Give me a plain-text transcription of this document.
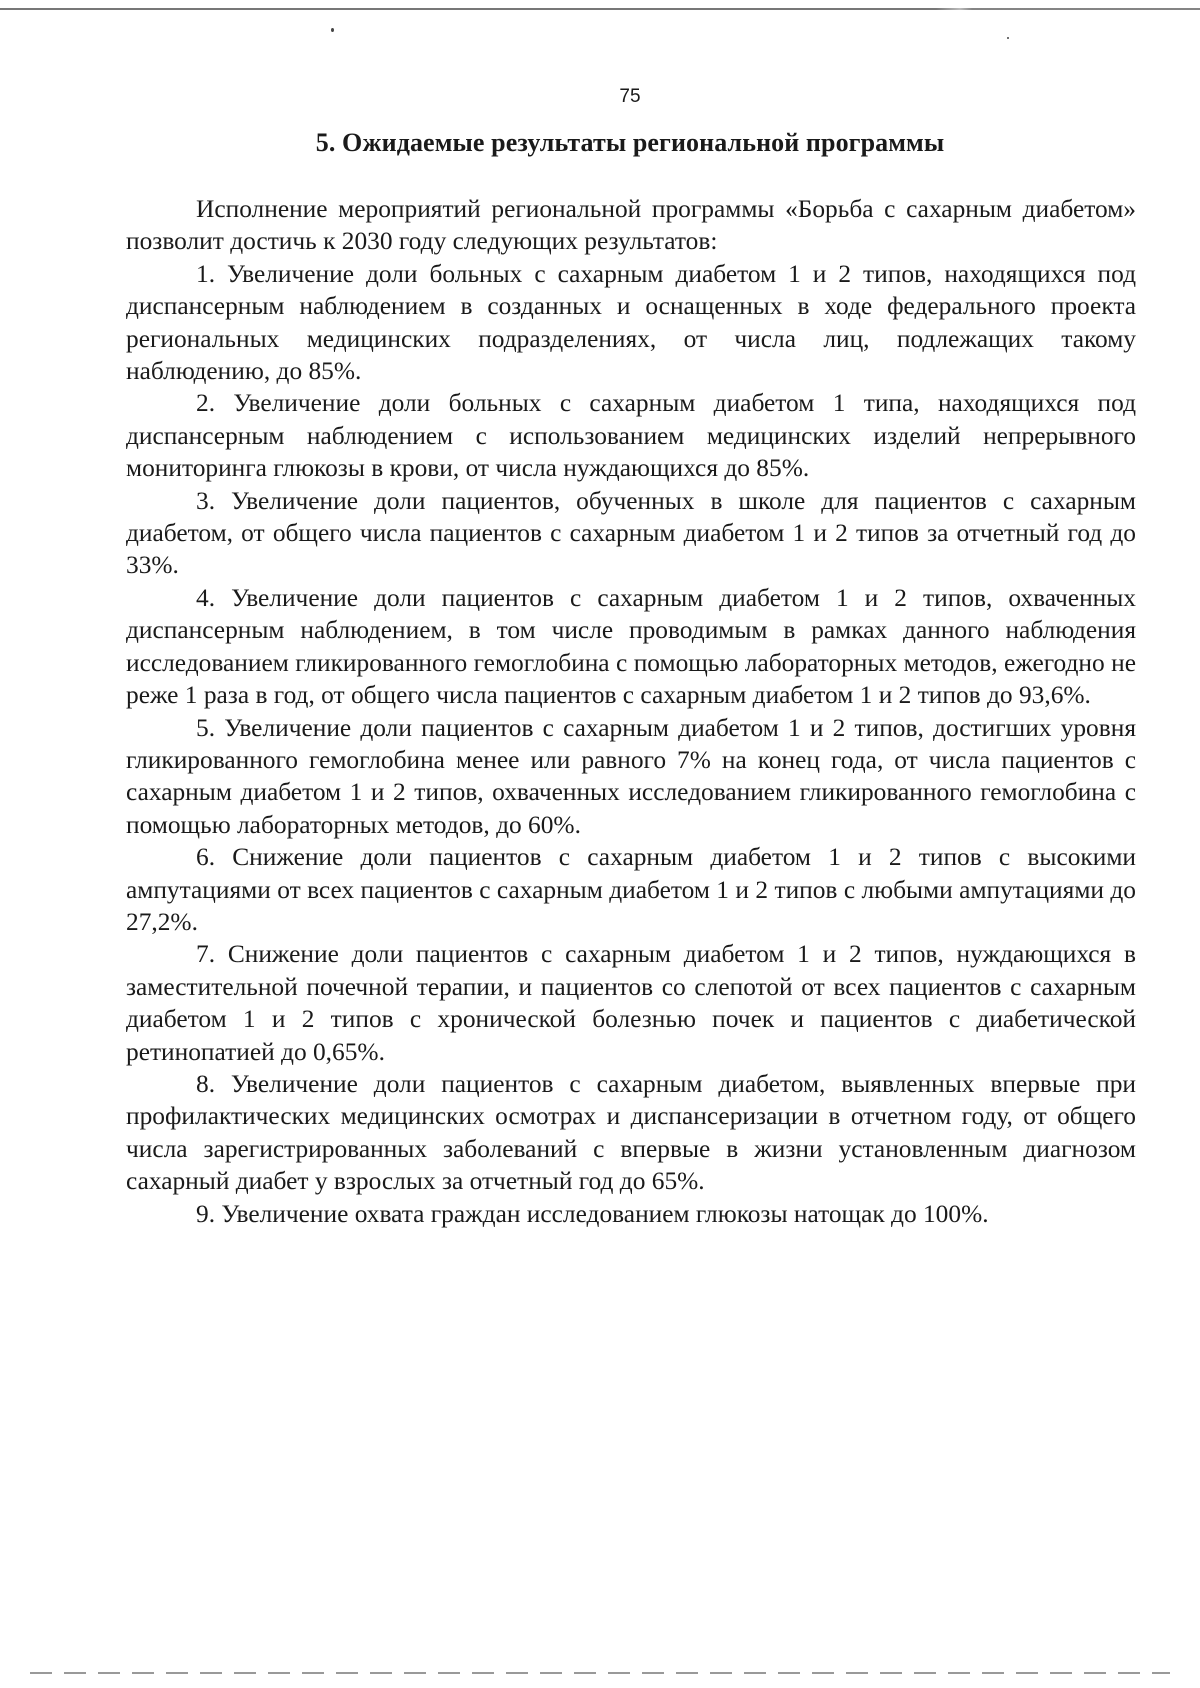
75
5. Ожидаемые результаты региональной программы

Исполнение мероприятий региональной программы «Борьба с сахарным диабетом» позволит достичь к 2030 году следующих результатов:

1. Увеличение доли больных с сахарным диабетом 1 и 2 типов, находящихся под диспансерным наблюдением в созданных и оснащенных в ходе федерального проекта региональных медицинских подразделениях, от числа лиц, подлежащих такому наблюдению, до 85%.

2. Увеличение доли больных с сахарным диабетом 1 типа, находящихся под диспансерным наблюдением с использованием медицинских изделий непрерывного мониторинга глюкозы в крови, от числа нуждающихся до 85%.

3. Увеличение доли пациентов, обученных в школе для пациентов с сахарным диабетом, от общего числа пациентов с сахарным диабетом 1 и 2 типов за отчетный год до 33%.

4. Увеличение доли пациентов с сахарным диабетом 1 и 2 типов, охваченных диспансерным наблюдением, в том числе проводимым в рамках данного наблюдения исследованием гликированного гемоглобина с помощью лабораторных методов, ежегодно не реже 1 раза в год, от общего числа пациентов с сахарным диабетом 1 и 2 типов до 93,6%.

5. Увеличение доли пациентов с сахарным диабетом 1 и 2 типов, достигших уровня гликированного гемоглобина менее или равного 7% на конец года, от числа пациентов с сахарным диабетом 1 и 2 типов, охваченных исследованием гликированного гемоглобина с помощью лабораторных методов, до 60%.

6. Снижение доли пациентов с сахарным диабетом 1 и 2 типов с высокими ампутациями от всех пациентов с сахарным диабетом 1 и 2 типов с любыми ампутациями до 27,2%.

7. Снижение доли пациентов с сахарным диабетом 1 и 2 типов, нуждающихся в заместительной почечной терапии, и пациентов со слепотой от всех пациентов с сахарным диабетом 1 и 2 типов с хронической болезнью почек и пациентов с диабетической ретинопатией до 0,65%.

8. Увеличение доли пациентов с сахарным диабетом, выявленных впервые при профилактических медицинских осмотрах и диспансеризации в отчетном году, от общего числа зарегистрированных заболеваний с впервые в жизни установленным диагнозом сахарный диабет у взрослых за отчетный год до 65%.

9. Увеличение охвата граждан исследованием глюкозы натощак до 100%.
